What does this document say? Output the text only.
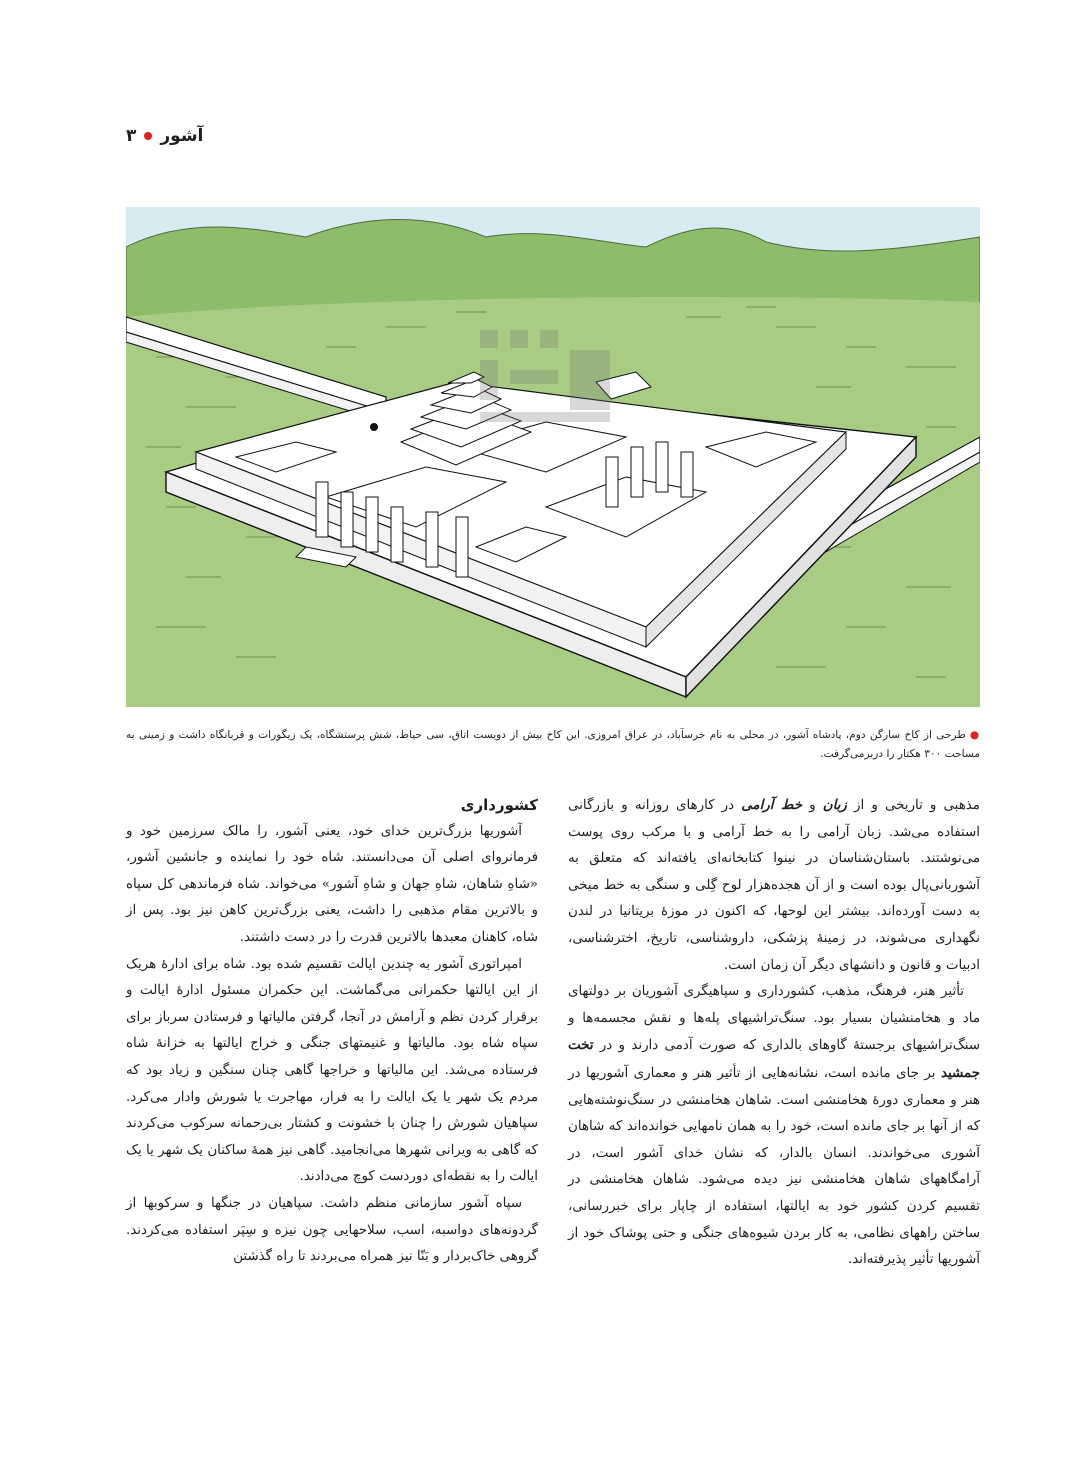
آشور
۳
●طرحی از کاخ سارگن دوم، پادشاه آشور، در محلی به نام خرسآباد، در عراق امروزی. این کاخ بیش از دویست اتاق، سی حیاط، شش پرستشگاه، یک زیگورات و قربانگاه داشت و زمینی به مساحت ۳۰۰ هکتار را دربرمی‌گرفت.

مذهبی و تاریخی و از زبان و خط آرامی در کارهای روزانه و بازرگانی استفاده می‌شد. زبان آرامی را به خط آرامی و با مرکب روی پوست می‌نوشتند. باستان‌شناسان در نینوا کتابخانه‌ای یافته‌اند که متعلق به آشوربانی‌پال بوده است و از آن هجده‌هزار لوح گِلی و سنگی به خط میخی به دست آورده‌اند. بیشتر این لوحها، که اکنون در موزهٔ بریتانیا در لندن نگهداری می‌شوند، در زمینهٔ پزشکی، داروشناسی، تاریخ، اخترشناسی، ادبیات و قانون و دانشهای دیگر آن زمان است.

تأثیر هنر، فرهنگ، مذهب، کشورداری و سپاهیگری آشوریان بر دولتهای ماد و هخامنشیان بسیار بود. سنگ‌تراشیهای پله‌ها و نقش مجسمه‌ها و سنگ‌تراشیهای برجستهٔ گاوهای بالداری که صورت آدمی دارند و در تخت جمشید بر جای مانده است، نشانه‌هایی از تأثیر هنر و معماری آشوریها در هنر و معماری دورهٔ هخامنشی است. شاهان هخامنشی در سنگ‌نوشته‌هایی که از آنها بر جای مانده است، خود را به همان نامهایی خوانده‌اند که شاهان آشوری می‌خواندند. انسان بالدار، که نشان خدای آشور است، در آرامگاههای شاهان هخامنشی نیز دیده می‌شود. شاهان هخامنشی در تقسیم کردن کشور خود به ایالتها، استفاده از چاپار برای خبررسانی، ساختن راههای نظامی، به کار بردن شیوه‌های جنگی و حتی پوشاک خود از آشوریها تأثیر پذیرفته‌اند.

کشورداری

آشوریها بزرگ‌ترین خدای خود، یعنی آشور، را مالک سرزمین خود و فرمانروای اصلی آن می‌دانستند. شاه خود را نماینده و جانشین آشور، «شاهِ شاهان، شاهِ جهان و شاهِ آشور» می‌خواند. شاه فرماندهی کل سپاه و بالاترین مقام مذهبی را داشت، یعنی بزرگ‌ترین کاهن نیز بود. پس از شاه، کاهنان معبدها بالاترین قدرت را در دست داشتند.

امپراتوری آشور به چندین ایالت تقسیم شده بود. شاه برای ادارهٔ هریک از این ایالتها حکمرانی می‌گماشت. این حکمران مسئول ادارهٔ ایالت و برقرار کردن نظم و آرامش در آنجا، گرفتن مالیاتها و فرستادن سرباز برای سپاه شاه بود. مالیاتها و غنیمتهای جنگی و خراج ایالتها به خزانهٔ شاه فرستاده می‌شد. این مالیاتها و خراجها گاهی چنان سنگین و زیاد بود که مردم یک شهر یا یک ایالت را به فرار، مهاجرت یا شورش وادار می‌کرد. سپاهیان شورش را چنان با خشونت و کشتار بی‌رحمانه سرکوب می‌کردند که گاهی به ویرانی شهرها می‌انجامید. گاهی نیز همهٔ ساکنان یک شهر یا یک ایالت را به نقطه‌ای دوردست کوچ می‌دادند.

سپاه آشور سازمانی منظم داشت. سپاهیان در جنگها و سرکوبها از گردونه‌های دواسبه، اسب، سلاحهایی چون نیزه و سِپَر استفاده می‌کردند. گروهی خاک‌بردار و بَنّا نیز همراه می‌بردند تا راه گذشتن
